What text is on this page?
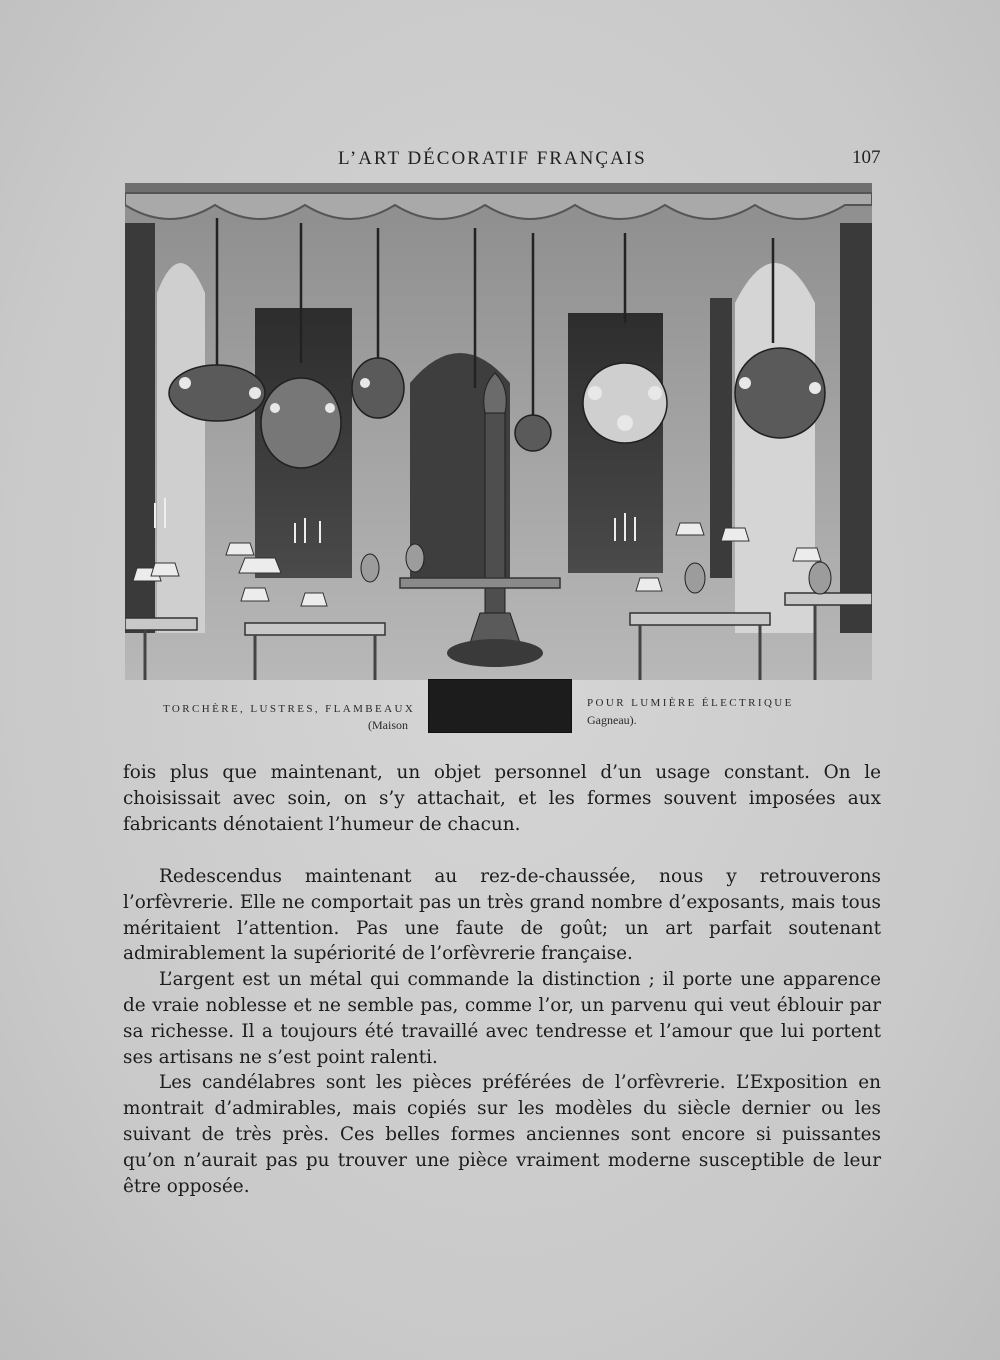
L’ART DÉCORATIF FRANÇAIS	107
TORCHÈRE, LUSTRES, FLAMBEAUX
(Maison
POUR LUMIÈRE ÉLECTRIQUE
Gagneau).

fois plus que maintenant, un objet personnel d’un usage constant. On le choisissait avec soin, on s’y attachait, et les formes souvent imposées aux fabricants dénotaient l’humeur de chacun.

Redescendus maintenant au rez-de-chaussée, nous y retrouverons l’orfèvrerie. Elle ne comportait pas un très grand nombre d’exposants, mais tous méritaient l’attention. Pas une faute de goût; un art parfait soutenant admirablement la supériorité de l’orfèvrerie française.

L’argent est un métal qui commande la distinction ; il porte une apparence de vraie noblesse et ne semble pas, comme l’or, un parvenu qui veut éblouir par sa richesse. Il a toujours été travaillé avec tendresse et l’amour que lui portent ses artisans ne s’est point ralenti.

Les candélabres sont les pièces préférées de l’orfèvrerie. L’Exposition en montrait d’admirables, mais copiés sur les modèles du siècle dernier ou les suivant de très près. Ces belles formes anciennes sont encore si puissantes qu’on n’aurait pas pu trouver une pièce vraiment moderne susceptible de leur être opposée.
